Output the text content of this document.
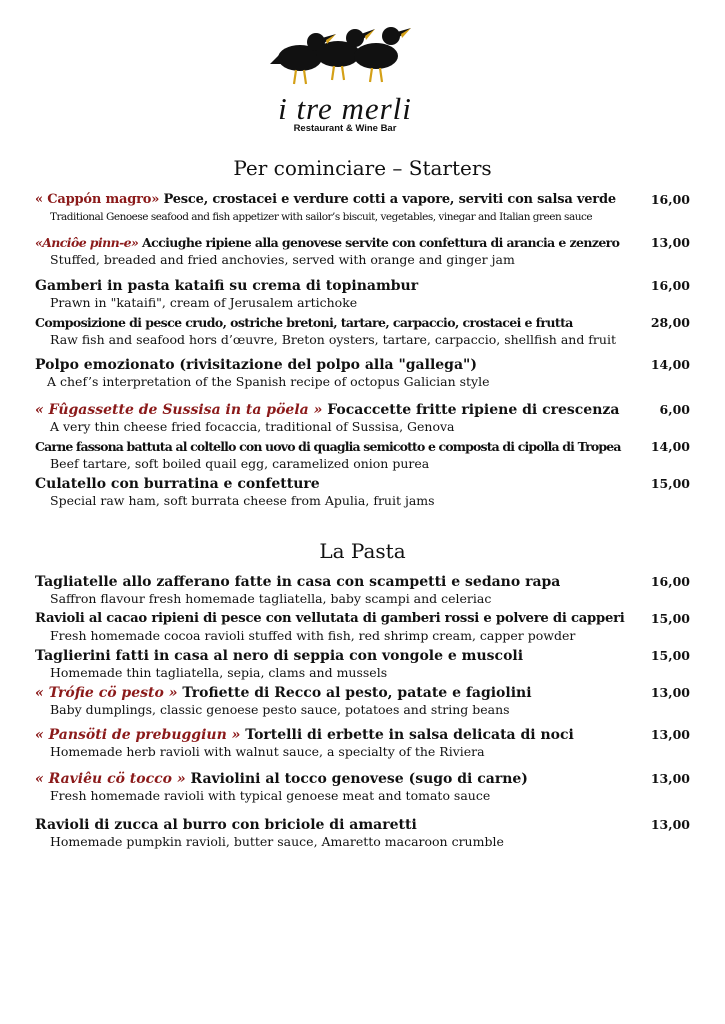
i tre merli
Restaurant & Wine Bar
Per cominciare – Starters
« Cappón magro» Pesce, crostacei e verdure cotti a vapore, serviti con salsa verde
Traditional Genoese seafood and fish appetizer with sailor’s biscuit, vegetables, vinegar and Italian green sauce
16,00
«Anciôe pinn-e» Acciughe ripiene alla genovese servite con confettura di arancia e zenzero
Stuffed, breaded and fried anchovies, served with orange and ginger jam
13,00
Gamberi in pasta kataifi su crema di topinambur
Prawn in "kataifi", cream of Jerusalem artichoke
16,00
Composizione di pesce crudo, ostriche bretoni, tartare, carpaccio, crostacei e frutta
Raw fish and seafood hors d’œuvre, Breton oysters, tartare, carpaccio, shellfish and fruit
28,00
Polpo emozionato (rivisitazione del polpo alla "gallega")
A chef’s interpretation of the Spanish recipe of octopus Galician style
14,00
« Fûgassette de Sussisa in ta pöela » Focaccette fritte ripiene di crescenza
A very thin cheese fried focaccia, traditional of Sussisa, Genova
6,00
Carne fassona battuta al coltello con uovo di quaglia semicotto e composta di cipolla di Tropea
Beef tartare, soft boiled quail egg, caramelized onion purea
14,00
Culatello con burratina e confetture
Special raw ham, soft burrata cheese from Apulia, fruit jams
15,00
La Pasta
Tagliatelle allo zafferano fatte in casa con scampetti e sedano rapa
Saffron flavour fresh homemade tagliatella, baby scampi and celeriac
16,00
Ravioli al cacao ripieni di pesce con vellutata di gamberi rossi e polvere di capperi
Fresh homemade cocoa ravioli stuffed with fish, red shrimp cream, capper powder
15,00
Taglierini fatti in casa al nero di seppia con vongole e muscoli
Homemade thin tagliatella, sepia, clams and mussels
15,00
« Trófie cö pesto » Trofiette di Recco al pesto, patate e fagiolini
Baby dumplings, classic genoese pesto sauce, potatoes and string beans
13,00
« Pansöti de prebuggiun » Tortelli di erbette in salsa delicata di noci
Homemade herb ravioli with walnut sauce, a specialty of the Riviera
13,00
« Raviêu cö tocco » Raviolini al tocco genovese (sugo di carne)
Fresh homemade ravioli with typical genoese meat and tomato sauce
13,00
Ravioli di zucca al burro con briciole di amaretti
Homemade pumpkin ravioli, butter sauce, Amaretto macaroon crumble
13,00
